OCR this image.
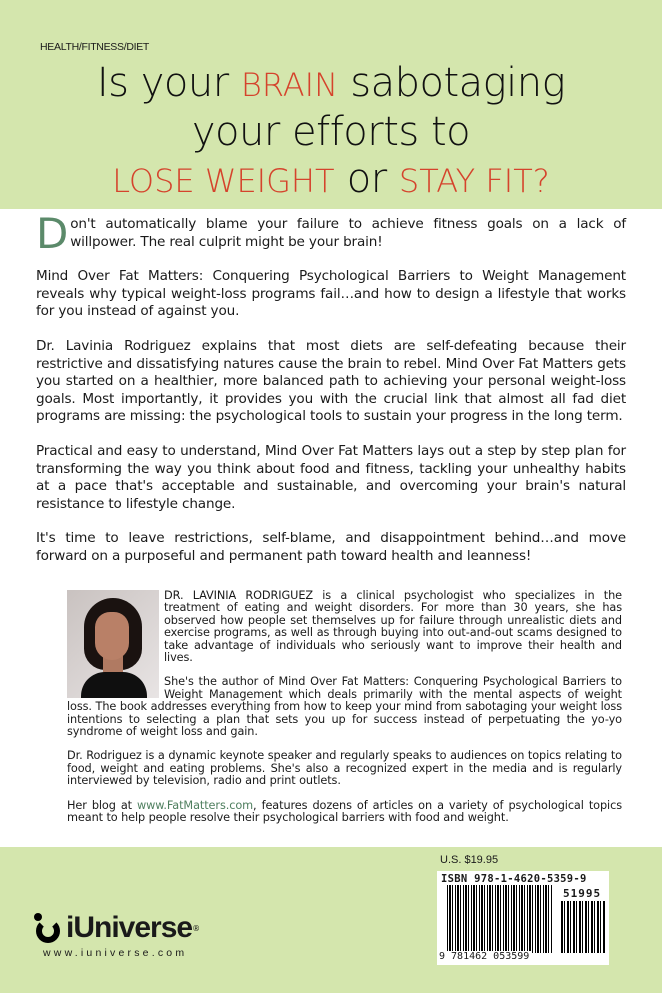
HEALTH/FITNESS/DIET
Is your BRAIN sabotaging
your efforts to
LOSE WEIGHT or STAY FIT?

Don't automatically blame your failure to achieve fitness goals on a lack of willpower. The real culprit might be your brain!

Mind Over Fat Matters: Conquering Psychological Barriers to Weight Management reveals why typical weight-loss programs fail…and how to design a lifestyle that works for you instead of against you.

Dr. Lavinia Rodriguez explains that most diets are self-defeating because their restrictive and dissatisfying natures cause the brain to rebel. Mind Over Fat Matters gets you started on a healthier, more balanced path to achieving your personal weight-loss goals. Most importantly, it provides you with the crucial link that almost all fad diet programs are missing: the psychological tools to sustain your progress in the long term.

Practical and easy to understand, Mind Over Fat Matters lays out a step by step plan for transforming the way you think about food and fitness, tackling your unhealthy habits at a pace that's acceptable and sustainable, and overcoming your brain's natural resistance to lifestyle change.

It's time to leave restrictions, self-blame, and disappointment behind…and move forward on a purposeful and permanent path toward health and leanness!

DR. LAVINIA RODRIGUEZ is a clinical psychologist who specializes in the treatment of eating and weight disorders. For more than 30 years, she has observed how people set themselves up for failure through unrealistic diets and exercise programs, as well as through buying into out-and-out scams designed to take advantage of individuals who seriously want to improve their health and lives.

She's the author of Mind Over Fat Matters: Conquering Psychological Barriers to Weight Management which deals primarily with the mental aspects of weight loss. The book addresses everything from how to keep your mind from sabotaging your weight loss intentions to selecting a plan that sets you up for success instead of perpetuating the yo-yo syndrome of weight loss and gain.

Dr. Rodriguez is a dynamic keynote speaker and regularly speaks to audiences on topics relating to food, weight and eating problems. She's also a recognized expert in the media and is regularly interviewed by television, radio and print outlets.

Her blog at www.FatMatters.com, features dozens of articles on a variety of psychological topics meant to help people resolve their psychological barriers with food and weight.

iUniverse ®
www.iuniverse.com
U.S. $19.95
ISBN 978-1-4620-5359-9
51995
9 781462 053599
